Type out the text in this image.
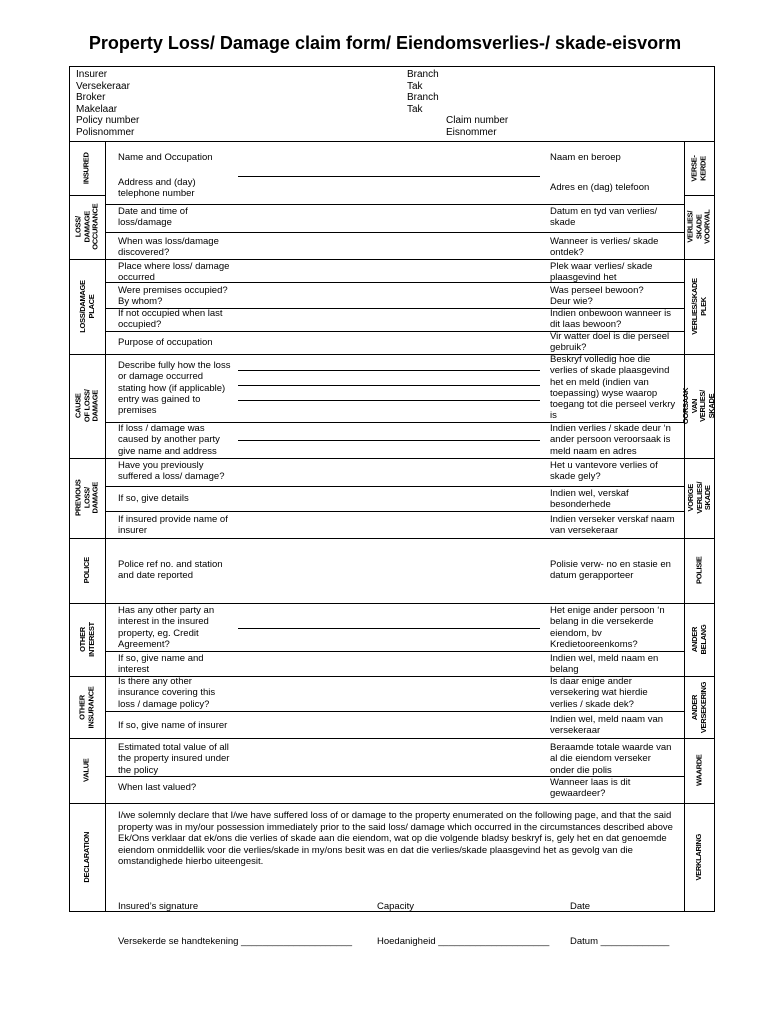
Property Loss/ Damage claim form/ Eiendomsverlies-/ skade-eisvorm
Insurer
Versekeraar
Broker
Makelaar
Policy number
Polisnommer
Branch
Tak
Branch
Tak
Claim number
Eisnommer
INSURED
LOSS/
DAMAGE
OCCURANCE
LOSS/DAMAGE
PLACE
CAUSE OF LOSS/ DAMAGE
PREVIOUS LOSS/
DAMAGE
POLICE
OTHER
INTEREST
OTHER
INSURANCE
VALUE
DECLARATION
VERSE-
KERDE
VERLIES/
SKADE
VOORVAL
VERLIES/SKADE PLEK
OORSAAK VAN
VERLIES/ SKADE
VORIGE VERLIES/
SKADE
POLISIE
ANDER BELANG
ANDER
VERSEKERING
WAARDE
VERKLARING
Name and Occupation
Address and (day)
telephone number
Date and time of
loss/damage
When was loss/damage
discovered?
Place where loss/ damage
occurred
Were premises occupied?
By whom?
If not occupied when last
occupied?
Purpose of occupation
Describe fully how the loss
or damage occurred
stating how (if applicable)
entry was gained to
premises
If loss / damage was
caused by another party
give name and address
Have you previously
suffered a loss/ damage?
If so, give details
If insured provide name of
insurer
Police ref no. and station
and date reported
Has any other party an
interest in the insured
property, eg. Credit
Agreement?
If so, give name and
interest
Is there any other
insurance covering this
loss / damage policy?
If so, give name of insurer
Estimated total value of all
the property insured under
the policy
When last valued?
Naam en beroep
Adres en (dag) telefoon
Datum en tyd van verlies/
skade
Wanneer is verlies/ skade
ontdek?
Plek waar verlies/ skade
plaasgevind het
Was perseel bewoon?
Deur wie?
Indien onbewoon wanneer is
dit laas bewoon?
Vir watter doel is die perseel
gebruik?
Beskryf volledig hoe die
verlies of skade plaasgevind
het en meld (indien van
toepassing) wyse waarop
toegang tot die perseel verkry
is
Indien verlies / skade deur ‘n
ander persoon veroorsaak is
meld naam en adres
Het u vantevore verlies of
skade gely?
Indien wel, verskaf
besonderhede
Indien verseker verskaf naam
van versekeraar
Polisie verw- no en stasie en
datum gerapporteer
Het enige ander persoon ‘n
belang in die versekerde
eiendom, bv
Kredietooreenkoms?
Indien wel, meld naam en
belang
Is daar enige ander
versekering wat hierdie
verlies / skade dek?
Indien wel, meld naam van
versekeraar
Beraamde totale waarde van
al die eiendom verseker
onder die polis
Wanneer laas is dit
gewaardeer?
I/we solemnly declare that I/we have suffered loss of or damage to the property enumerated on the following page, and that the said property was in my/our possession immediately prior to the said loss/ damage which occurred in the circumstances described above Ek/Ons verklaar dat ek/ons die verlies of skade aan die eiendom, wat op die volgende bladsy beskryf is, gely het en dat genoemde eiendom onmiddellik voor die verlies/skade in my/ons besit was en dat die verlies/skade plaasgevind het as gevolg van die omstandighede hierbo uiteengesit.

Insured’s signature

Versekerde se handtekening _____________________

Capacity

Hoedanigheid _____________________

Date

Datum _____________
